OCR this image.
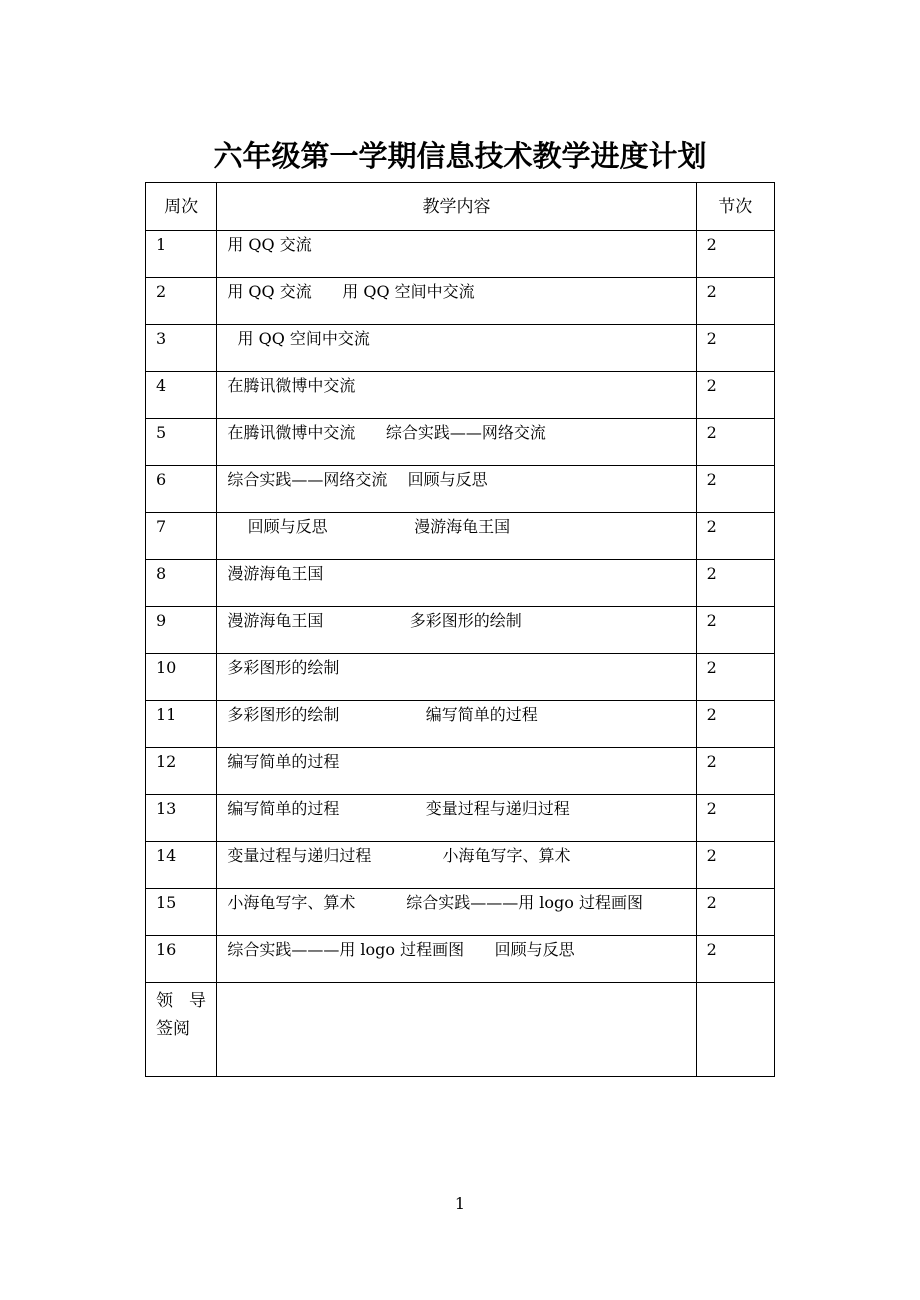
六年级第一学期信息技术教学进度计划
周次	教学内容	节次

1	用 QQ 交流	2

2	用 QQ 交流      用 QQ 空间中交流	2

3	用 QQ 空间中交流	2

4	在腾讯微博中交流	2

5	在腾讯微博中交流      综合实践——网络交流	2

6	综合实践——网络交流    回顾与反思	2

7	回顾与反思                 漫游海龟王国	2

8	漫游海龟王国	2

9	漫游海龟王国                 多彩图形的绘制	2

10	多彩图形的绘制	2

11	多彩图形的绘制                 编写简单的过程	2

12	编写简单的过程	2

13	编写简单的过程                 变量过程与递归过程	2

14	变量过程与递归过程              小海龟写字、算术	2

15	小海龟写字、算术          综合实践———用 logo 过程画图	2

16	综合实践———用 logo 过程画图      回顾与反思	2

领 导
签阅		

1
